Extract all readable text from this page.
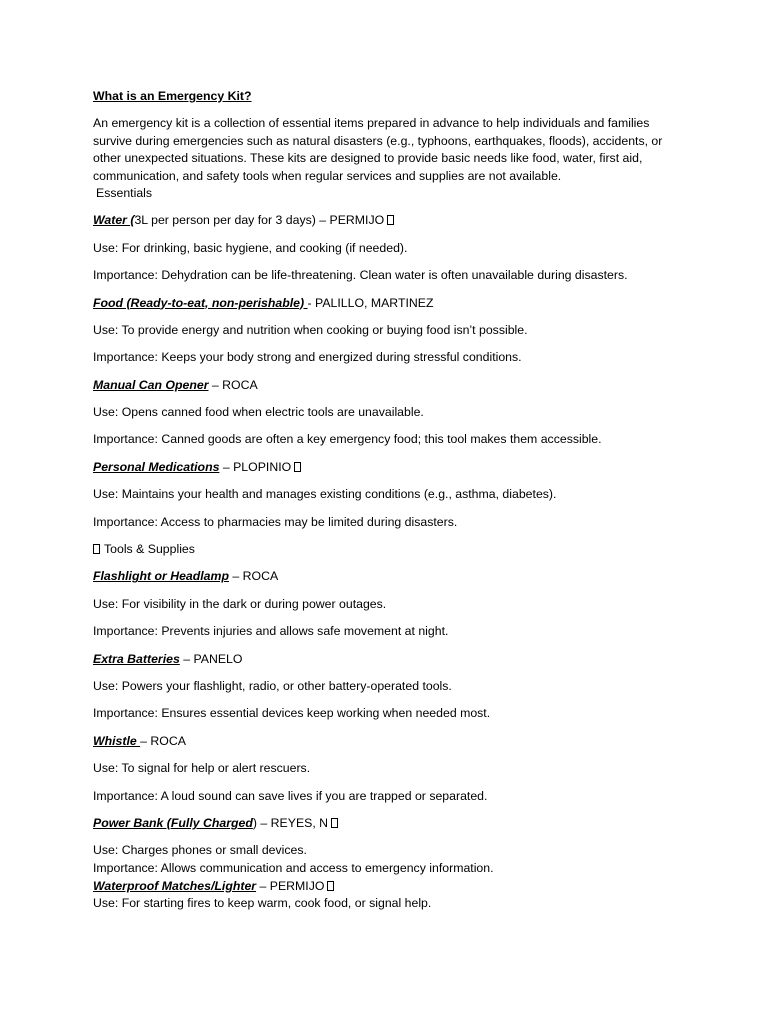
What is an Emergency Kit?
An emergency kit is a collection of essential items prepared in advance to help individuals and families survive during emergencies such as natural disasters (e.g., typhoons, earthquakes, floods), accidents, or other unexpected situations. These kits are designed to provide basic needs like food, water, first aid, communication, and safety tools when regular services and supplies are not available.
Essentials
Water (3L per person per day for 3 days) – PERMIJO
Use: For drinking, basic hygiene, and cooking (if needed).
Importance: Dehydration can be life-threatening. Clean water is often unavailable during disasters.
Food (Ready-to-eat, non-perishable) - PALILLO, MARTINEZ
Use: To provide energy and nutrition when cooking or buying food isn’t possible.
Importance: Keeps your body strong and energized during stressful conditions.
Manual Can Opener – ROCA
Use: Opens canned food when electric tools are unavailable.
Importance: Canned goods are often a key emergency food; this tool makes them accessible.
Personal Medications – PLOPINIO
Use: Maintains your health and manages existing conditions (e.g., asthma, diabetes).
Importance: Access to pharmacies may be limited during disasters.
Tools & Supplies
Flashlight or Headlamp – ROCA
Use: For visibility in the dark or during power outages.
Importance: Prevents injuries and allows safe movement at night.
Extra Batteries – PANELO
Use: Powers your flashlight, radio, or other battery-operated tools.
Importance: Ensures essential devices keep working when needed most.
Whistle – ROCA
Use: To signal for help or alert rescuers.
Importance: A loud sound can save lives if you are trapped or separated.
Power Bank (Fully Charged) – REYES, N
Use: Charges phones or small devices.
Importance: Allows communication and access to emergency information.
Waterproof Matches/Lighter – PERMIJO
Use: For starting fires to keep warm, cook food, or signal help.
